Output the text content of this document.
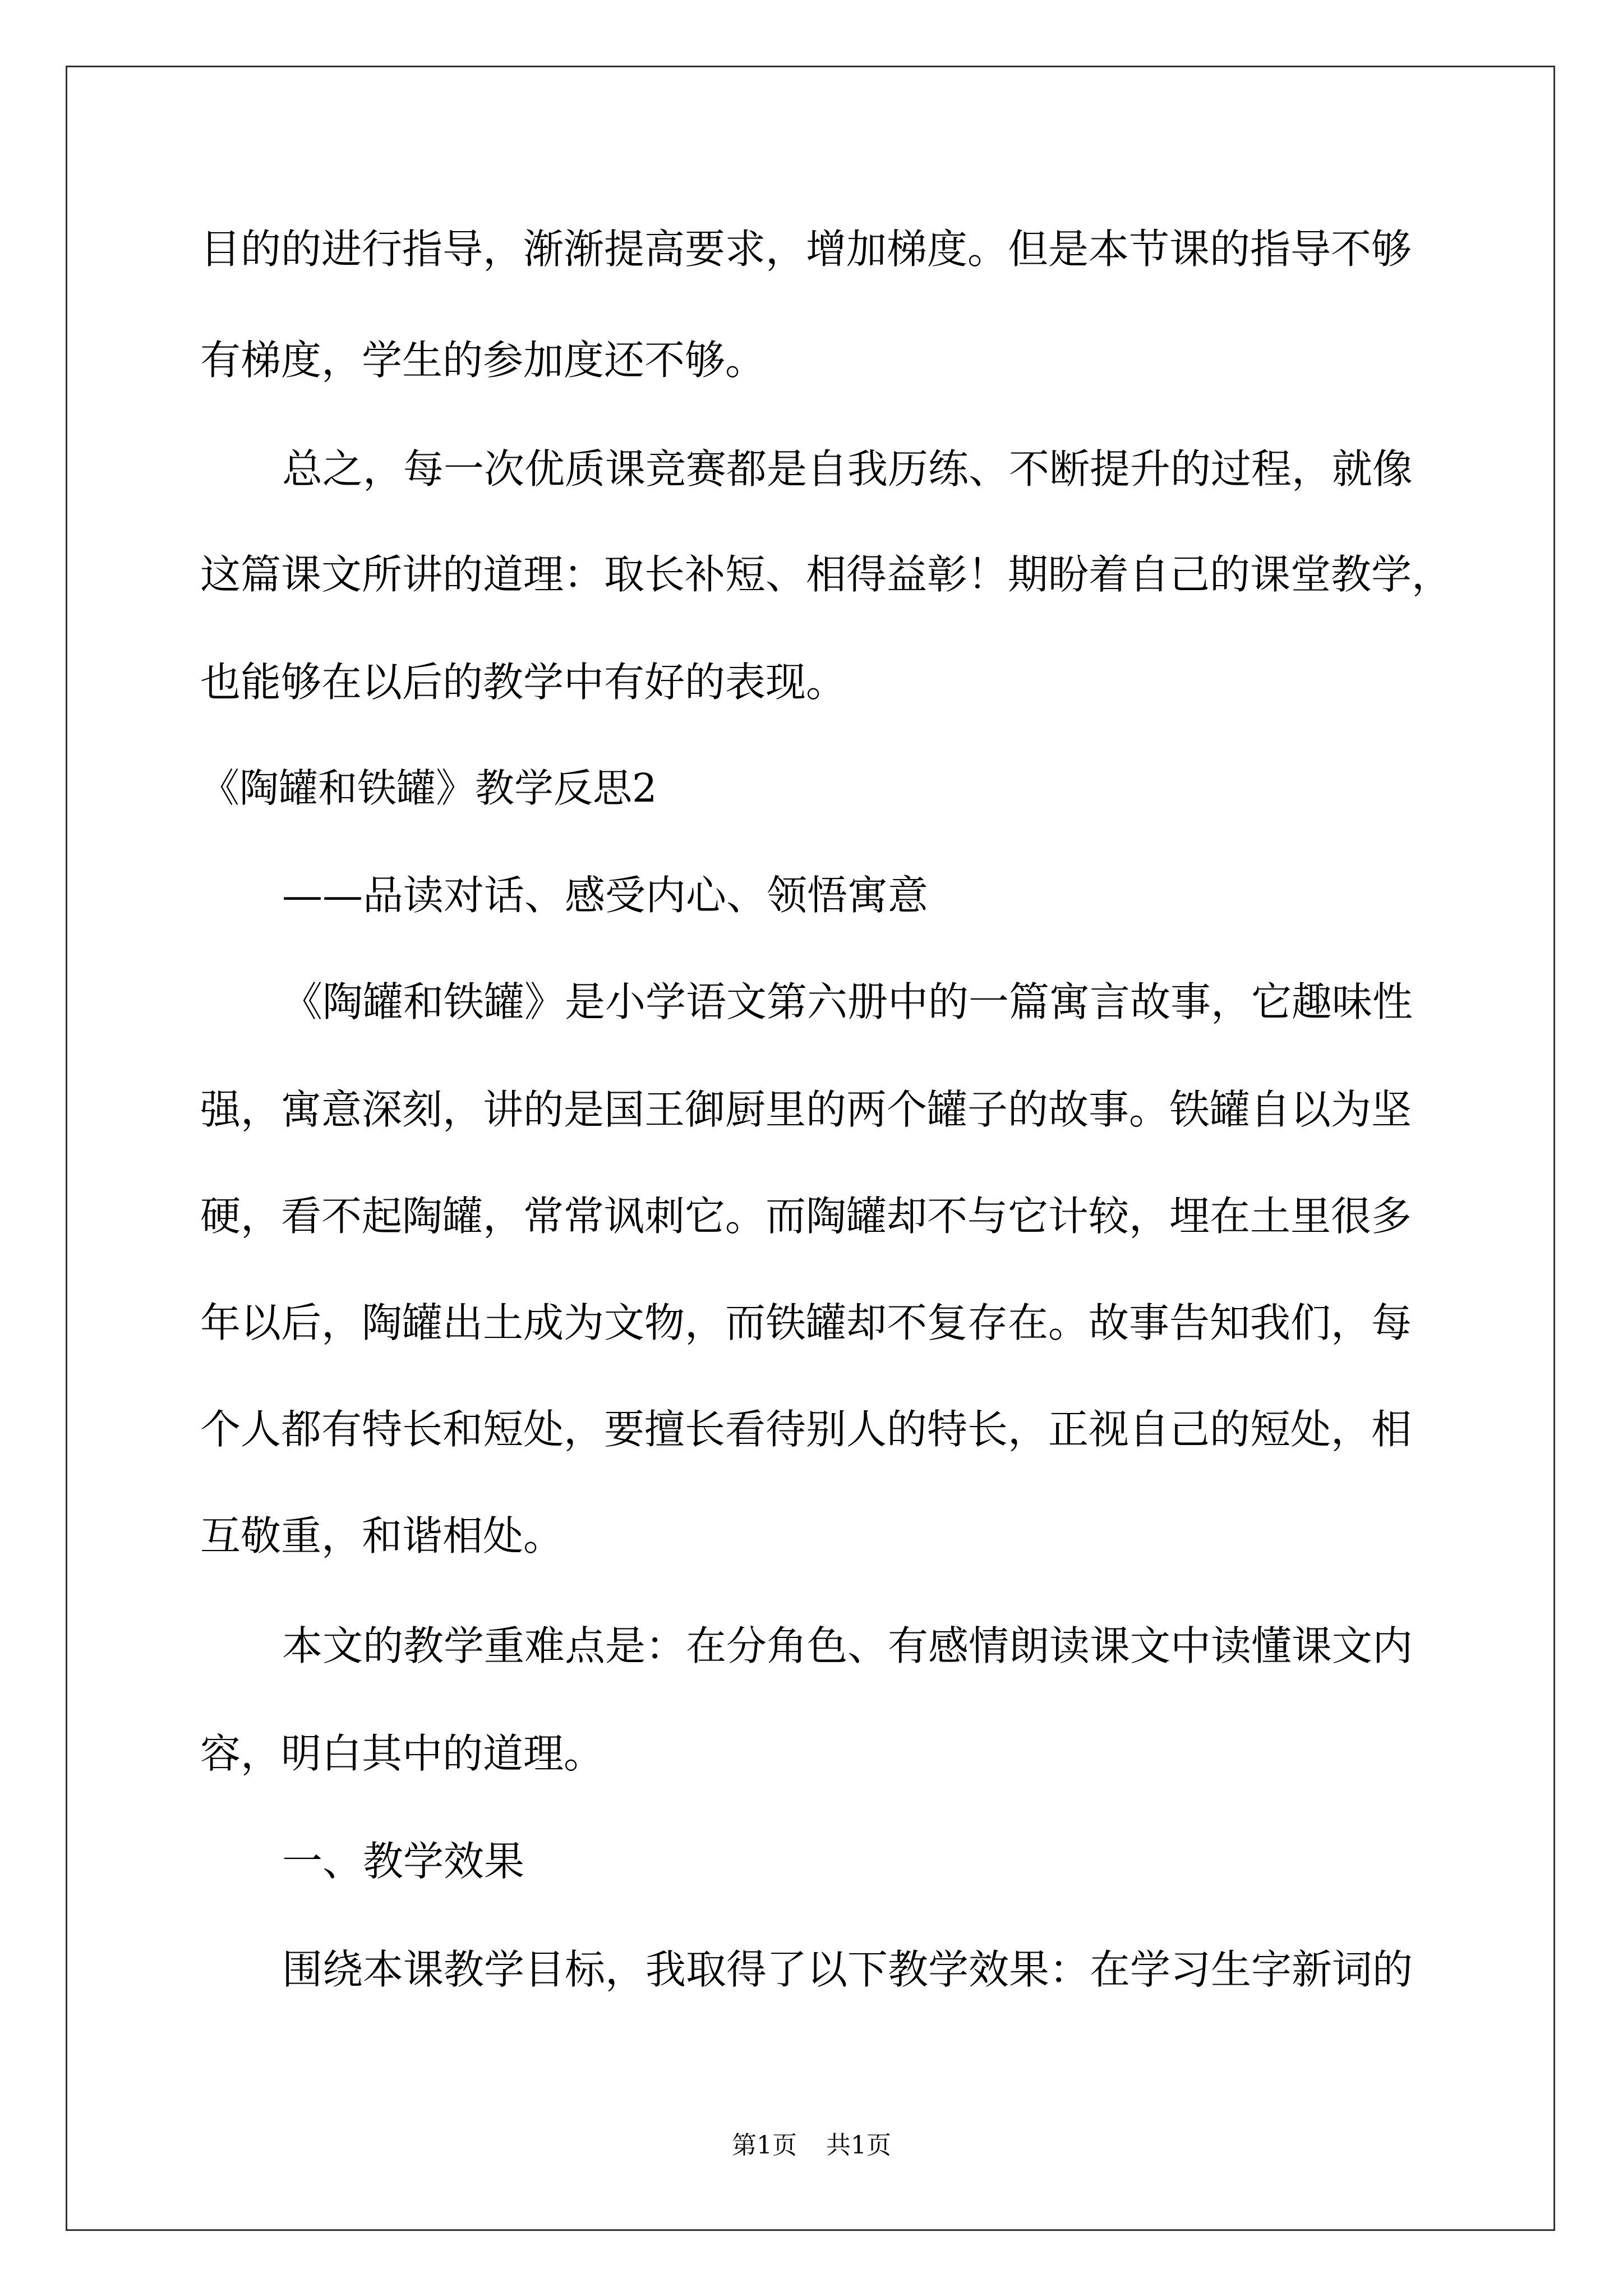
目的的进行指导，渐渐提高要求，增加梯度。但是本节课的指导不够
有梯度，学生的参加度还不够。
总之，每一次优质课竞赛都是自我历练、不断提升的过程，就像
这篇课文所讲的道理：取长补短、相得益彰！期盼着自己的课堂教学，
也能够在以后的教学中有好的表现。
《陶罐和铁罐》教学反思2
——品读对话、感受内心、领悟寓意
《陶罐和铁罐》是小学语文第六册中的一篇寓言故事，它趣味性
强，寓意深刻，讲的是国王御厨里的两个罐子的故事。铁罐自以为坚
硬，看不起陶罐，常常讽刺它。而陶罐却不与它计较，埋在土里很多
年以后，陶罐出土成为文物，而铁罐却不复存在。故事告知我们，每
个人都有特长和短处，要擅长看待别人的特长，正视自己的短处，相
互敬重，和谐相处。
本文的教学重难点是：在分角色、有感情朗读课文中读懂课文内
容，明白其中的道理。
一、教学效果
围绕本课教学目标，我取得了以下教学效果：在学习生字新词的
第1页 共1页
